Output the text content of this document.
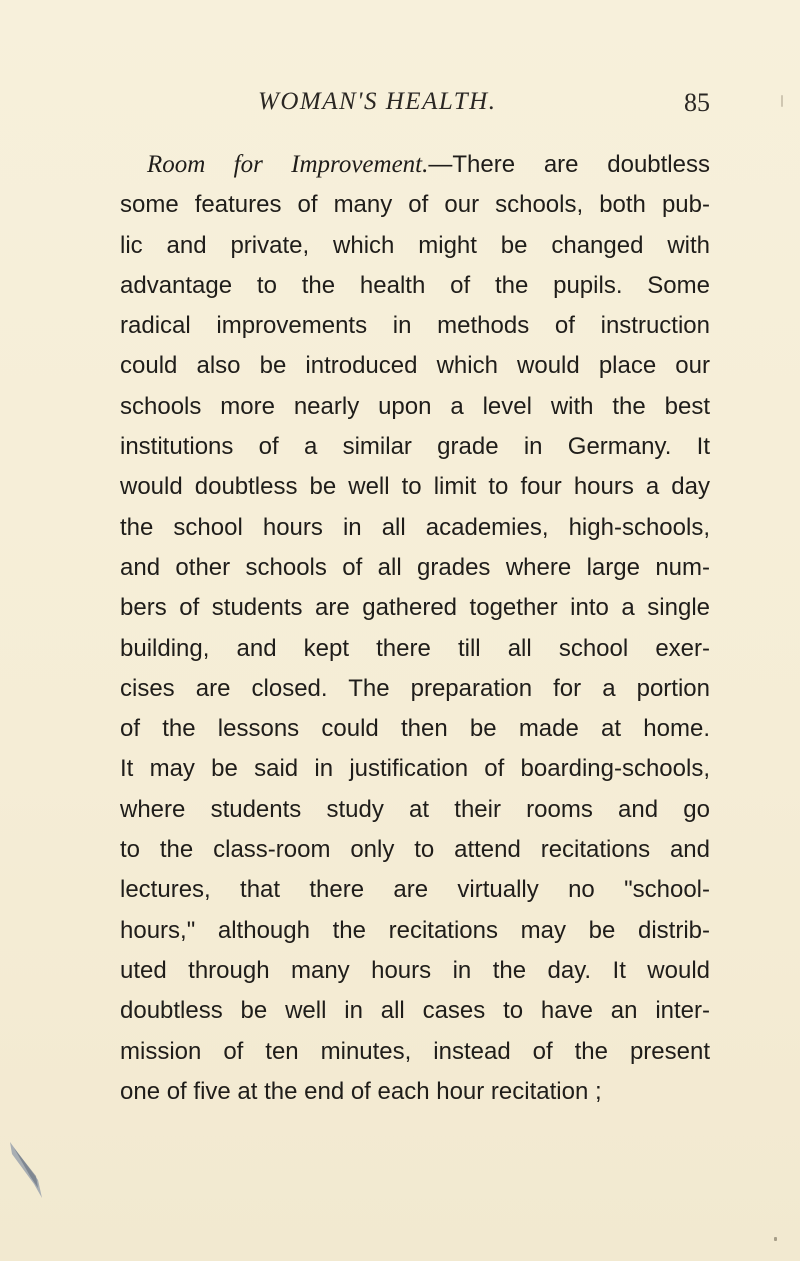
WOMAN'S HEALTH.	85
Room for Improvement.—There are doubtless
some features of many of our schools, both pub-
lic and private, which might be changed with
advantage to the health of the pupils. Some
radical improvements in methods of instruction
could also be introduced which would place our
schools more nearly upon a level with the best
institutions of a similar grade in Germany. It
would doubtless be well to limit to four hours a day
the school hours in all academies, high-schools,
and other schools of all grades where large num-
bers of students are gathered together into a single
building, and kept there till all school exer-
cises are closed. The preparation for a portion
of the lessons could then be made at home.
It may be said in justification of boarding-schools,
where students study at their rooms and go
to the class-room only to attend recitations and
lectures, that there are virtually no "school-
hours," although the recitations may be distrib-
uted through many hours in the day. It would
doubtless be well in all cases to have an inter-
mission of ten minutes, instead of the present
one of five at the end of each hour recitation ;
